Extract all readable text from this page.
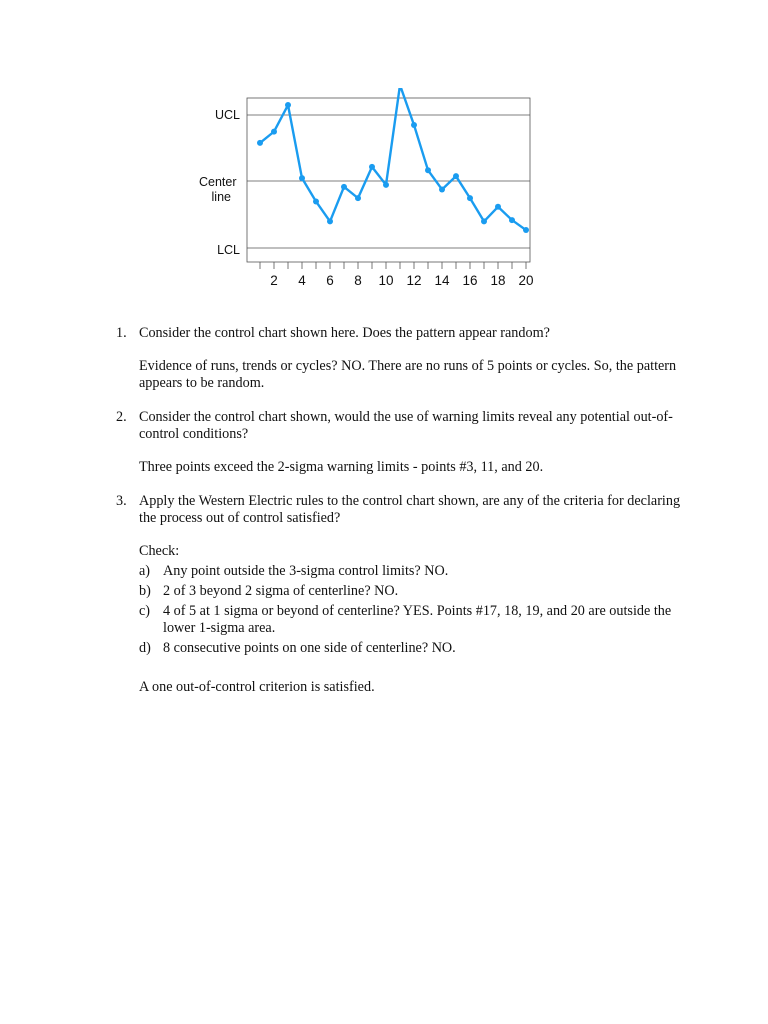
UCL
Center line
LCL
2 4 6 8 10 12 14 16 18 20
1. Consider the control chart shown here. Does the pattern appear random?
Evidence of runs, trends or cycles? NO. There are no runs of 5 points or cycles. So, the pattern appears to be random.
2. Consider the control chart shown, would the use of warning limits reveal any potential out-of-control conditions?
Three points exceed the 2-sigma warning limits - points #3, 11, and 20.
3. Apply the Western Electric rules to the control chart shown, are any of the criteria for declaring the process out of control satisfied?
Check:
a) Any point outside the 3-sigma control limits? NO.
b) 2 of 3 beyond 2 sigma of centerline? NO.
c) 4 of 5 at 1 sigma or beyond of centerline? YES. Points #17, 18, 19, and 20 are outside the lower 1-sigma area.
d) 8 consecutive points on one side of centerline? NO.
A one out-of-control criterion is satisfied.
